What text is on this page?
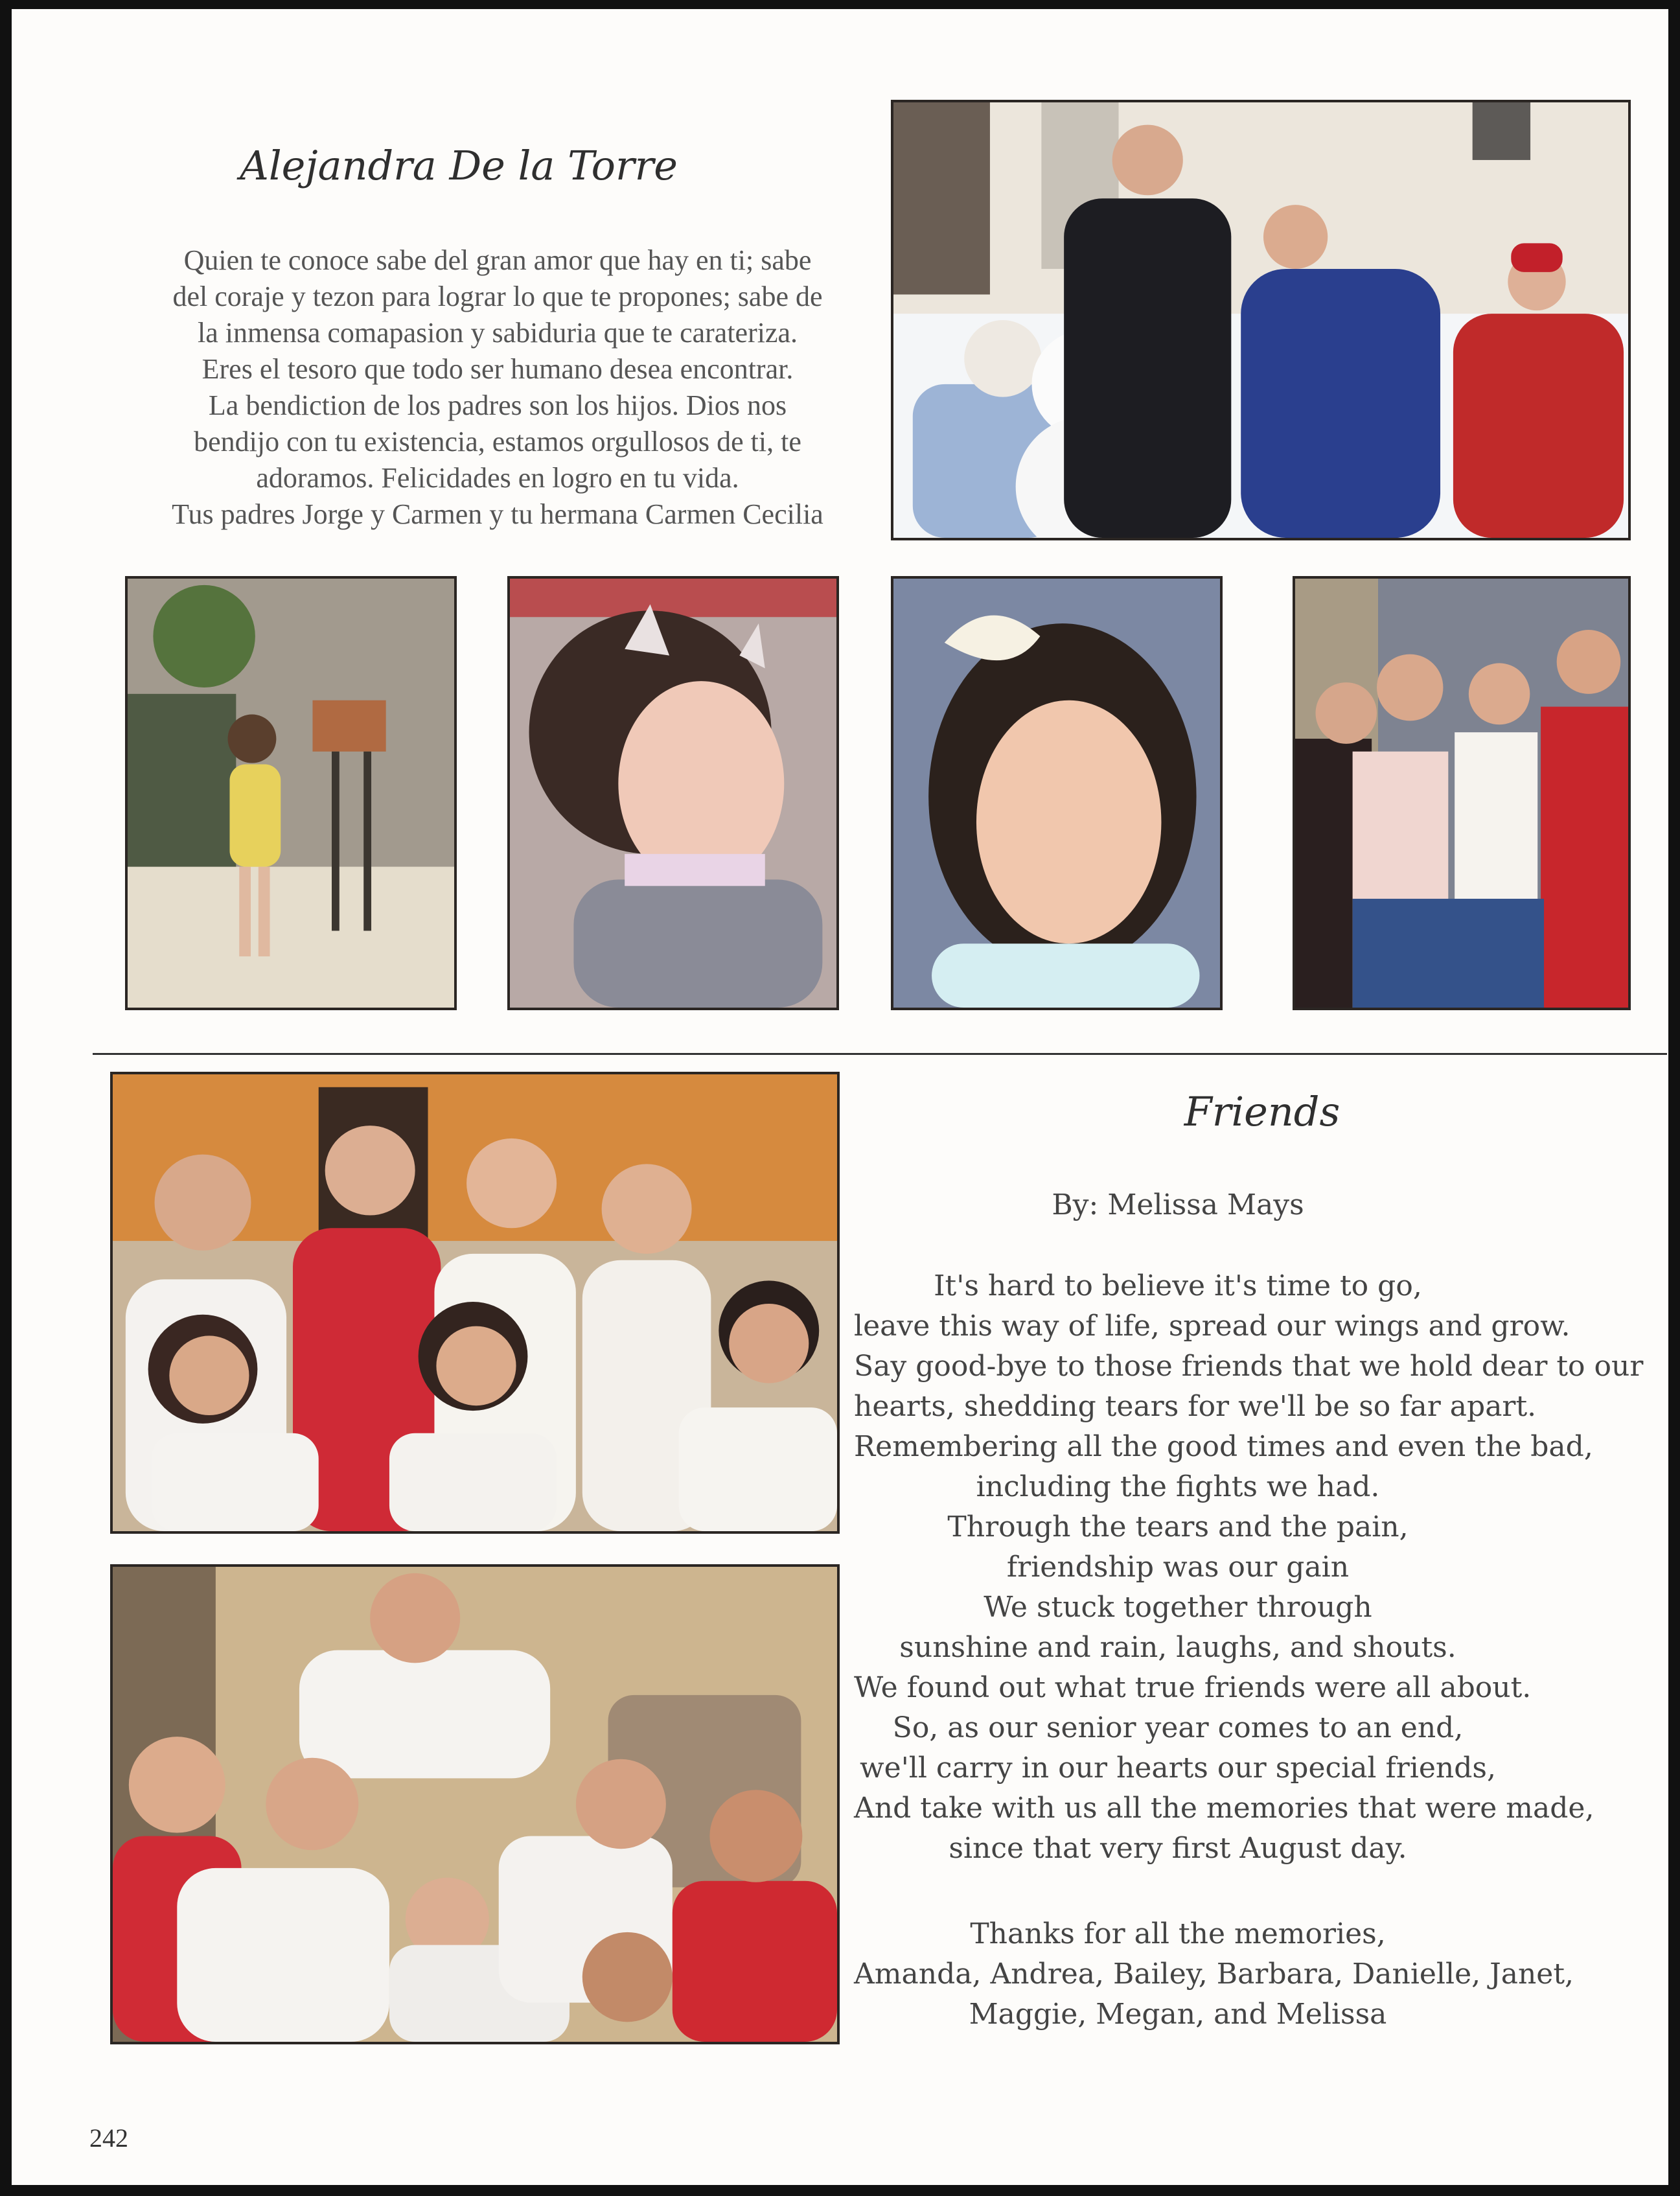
Alejandra De la Torre
Quien te conoce sabe del gran amor que hay en ti; sabe
del coraje y tezon para lograr lo que te propones; sabe de
la inmensa comapasion y sabiduria que te carateriza.
Eres el tesoro que todo ser humano desea encontrar.
La bendiction de los padres son los hijos. Dios nos
bendijo con tu existencia, estamos orgullosos de ti, te
adoramos. Felicidades en logro en tu vida.
Tus padres Jorge y Carmen y tu hermana Carmen Cecilia
Friends
By: Melissa Mays
It's hard to believe it's time to go,
leave this way of life, spread our wings and grow.
Say good-bye to those friends that we hold dear to our
hearts, shedding tears for we'll be so far apart.
Remembering all the good times and even the bad,
including the fights we had.
Through the tears and the pain,
friendship was our gain
We stuck together through
sunshine and rain, laughs, and shouts.
We found out what true friends were all about.
So, as our senior year comes to an end,
we'll carry in our hearts our special friends,
And take with us all the memories that were made,
since that very first August day.
Thanks for all the memories,
Amanda, Andrea, Bailey, Barbara, Danielle, Janet,
Maggie, Megan, and Melissa
242
